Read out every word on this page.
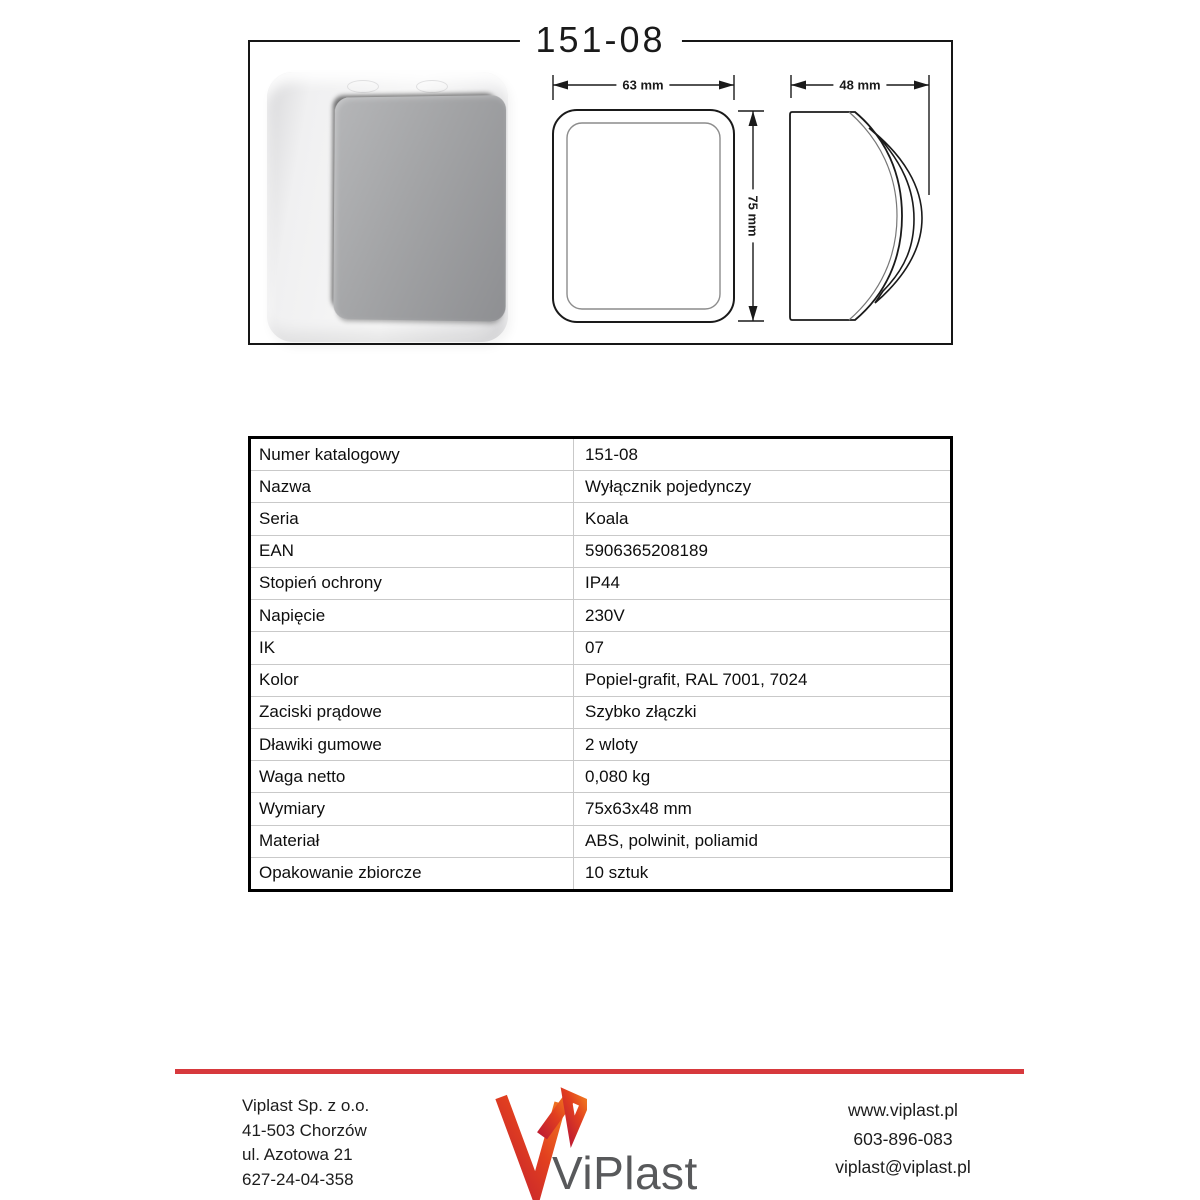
151-08
63 mm
75 mm
48 mm
Numer katalogowy	151-08
Nazwa	Wyłącznik pojedynczy
Seria	Koala
EAN	5906365208189
Stopień ochrony	IP44
Napięcie	230V
IK	07
Kolor	Popiel-grafit, RAL 7001, 7024
Zaciski prądowe	Szybko złączki
Dławiki gumowe	2 wloty
Waga netto	0,080 kg
Wymiary	75x63x48 mm
Materiał	ABS, polwinit, poliamid
Opakowanie zbiorcze	10 sztuk
Viplast Sp. z o.o.
41-503 Chorzów
ul. Azotowa 21
627-24-04-358	ViPlast
www.viplast.pl
603-896-083
viplast@viplast.pl
